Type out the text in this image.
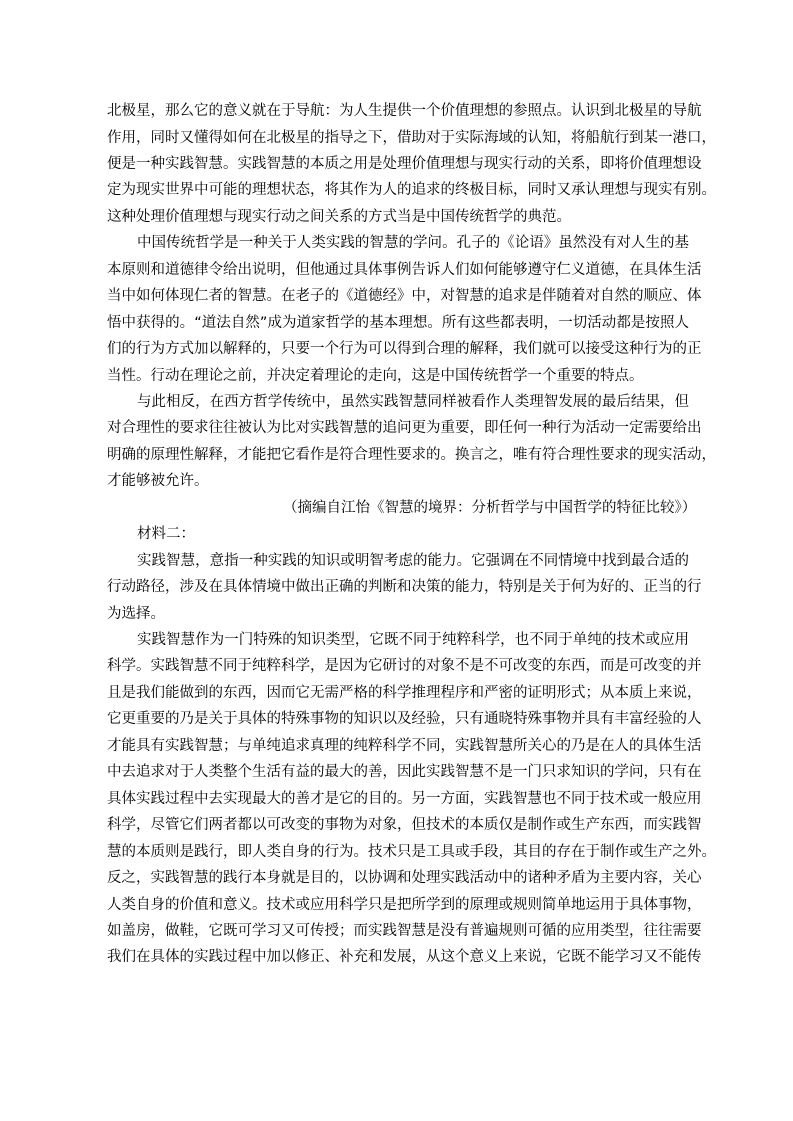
北极星，那么它的意义就在于导航：为人生提供一个价值理想的参照点。认识到北极星的导航
作用，同时又懂得如何在北极星的指导之下，借助对于实际海域的认知，将船航行到某一港口，
便是一种实践智慧。实践智慧的本质之用是处理价值理想与现实行动的关系，即将价值理想设
定为现实世界中可能的理想状态，将其作为人的追求的终极目标，同时又承认理想与现实有别。
这种处理价值理想与现实行动之间关系的方式当是中国传统哲学的典范。
中国传统哲学是一种关于人类实践的智慧的学问。孔子的《论语》虽然没有对人生的基
本原则和道德律令给出说明，但他通过具体事例告诉人们如何能够遵守仁义道德，在具体生活
当中如何体现仁者的智慧。在老子的《道德经》中，对智慧的追求是伴随着对自然的顺应、体
悟中获得的。“道法自然”成为道家哲学的基本理想。所有这些都表明，一切活动都是按照人
们的行为方式加以解释的，只要一个行为可以得到合理的解释，我们就可以接受这种行为的正
当性。行动在理论之前，并决定着理论的走向，这是中国传统哲学一个重要的特点。
与此相反，在西方哲学传统中，虽然实践智慧同样被看作人类理智发展的最后结果，但
对合理性的要求往往被认为比对实践智慧的追问更为重要，即任何一种行为活动一定需要给出
明确的原理性解释，才能把它看作是符合理性要求的。换言之，唯有符合理性要求的现实活动，
才能够被允许。
（摘编自江怡《智慧的境界：分析哲学与中国哲学的特征比较》）
材料二：
实践智慧，意指一种实践的知识或明智考虑的能力。它强调在不同情境中找到最合适的
行动路径，涉及在具体情境中做出正确的判断和决策的能力，特别是关于何为好的、正当的行
为选择。
实践智慧作为一门特殊的知识类型，它既不同于纯粹科学，也不同于单纯的技术或应用
科学。实践智慧不同于纯粹科学，是因为它研讨的对象不是不可改变的东西，而是可改变的并
且是我们能做到的东西，因而它无需严格的科学推理程序和严密的证明形式；从本质上来说，
它更重要的乃是关于具体的特殊事物的知识以及经验，只有通晓特殊事物并具有丰富经验的人
才能具有实践智慧；与单纯追求真理的纯粹科学不同，实践智慧所关心的乃是在人的具体生活
中去追求对于人类整个生活有益的最大的善，因此实践智慧不是一门只求知识的学问，只有在
具体实践过程中去实现最大的善才是它的目的。另一方面，实践智慧也不同于技术或一般应用
科学，尽管它们两者都以可改变的事物为对象，但技术的本质仅是制作或生产东西，而实践智
慧的本质则是践行，即人类自身的行为。技术只是工具或手段，其目的存在于制作或生产之外。
反之，实践智慧的践行本身就是目的，以协调和处理实践活动中的诸种矛盾为主要内容，关心
人类自身的价值和意义。技术或应用科学只是把所学到的原理或规则简单地运用于具体事物，
如盖房，做鞋，它既可学习又可传授；而实践智慧是没有普遍规则可循的应用类型，往往需要
我们在具体的实践过程中加以修正、补充和发展，从这个意义上来说，它既不能学习又不能传
